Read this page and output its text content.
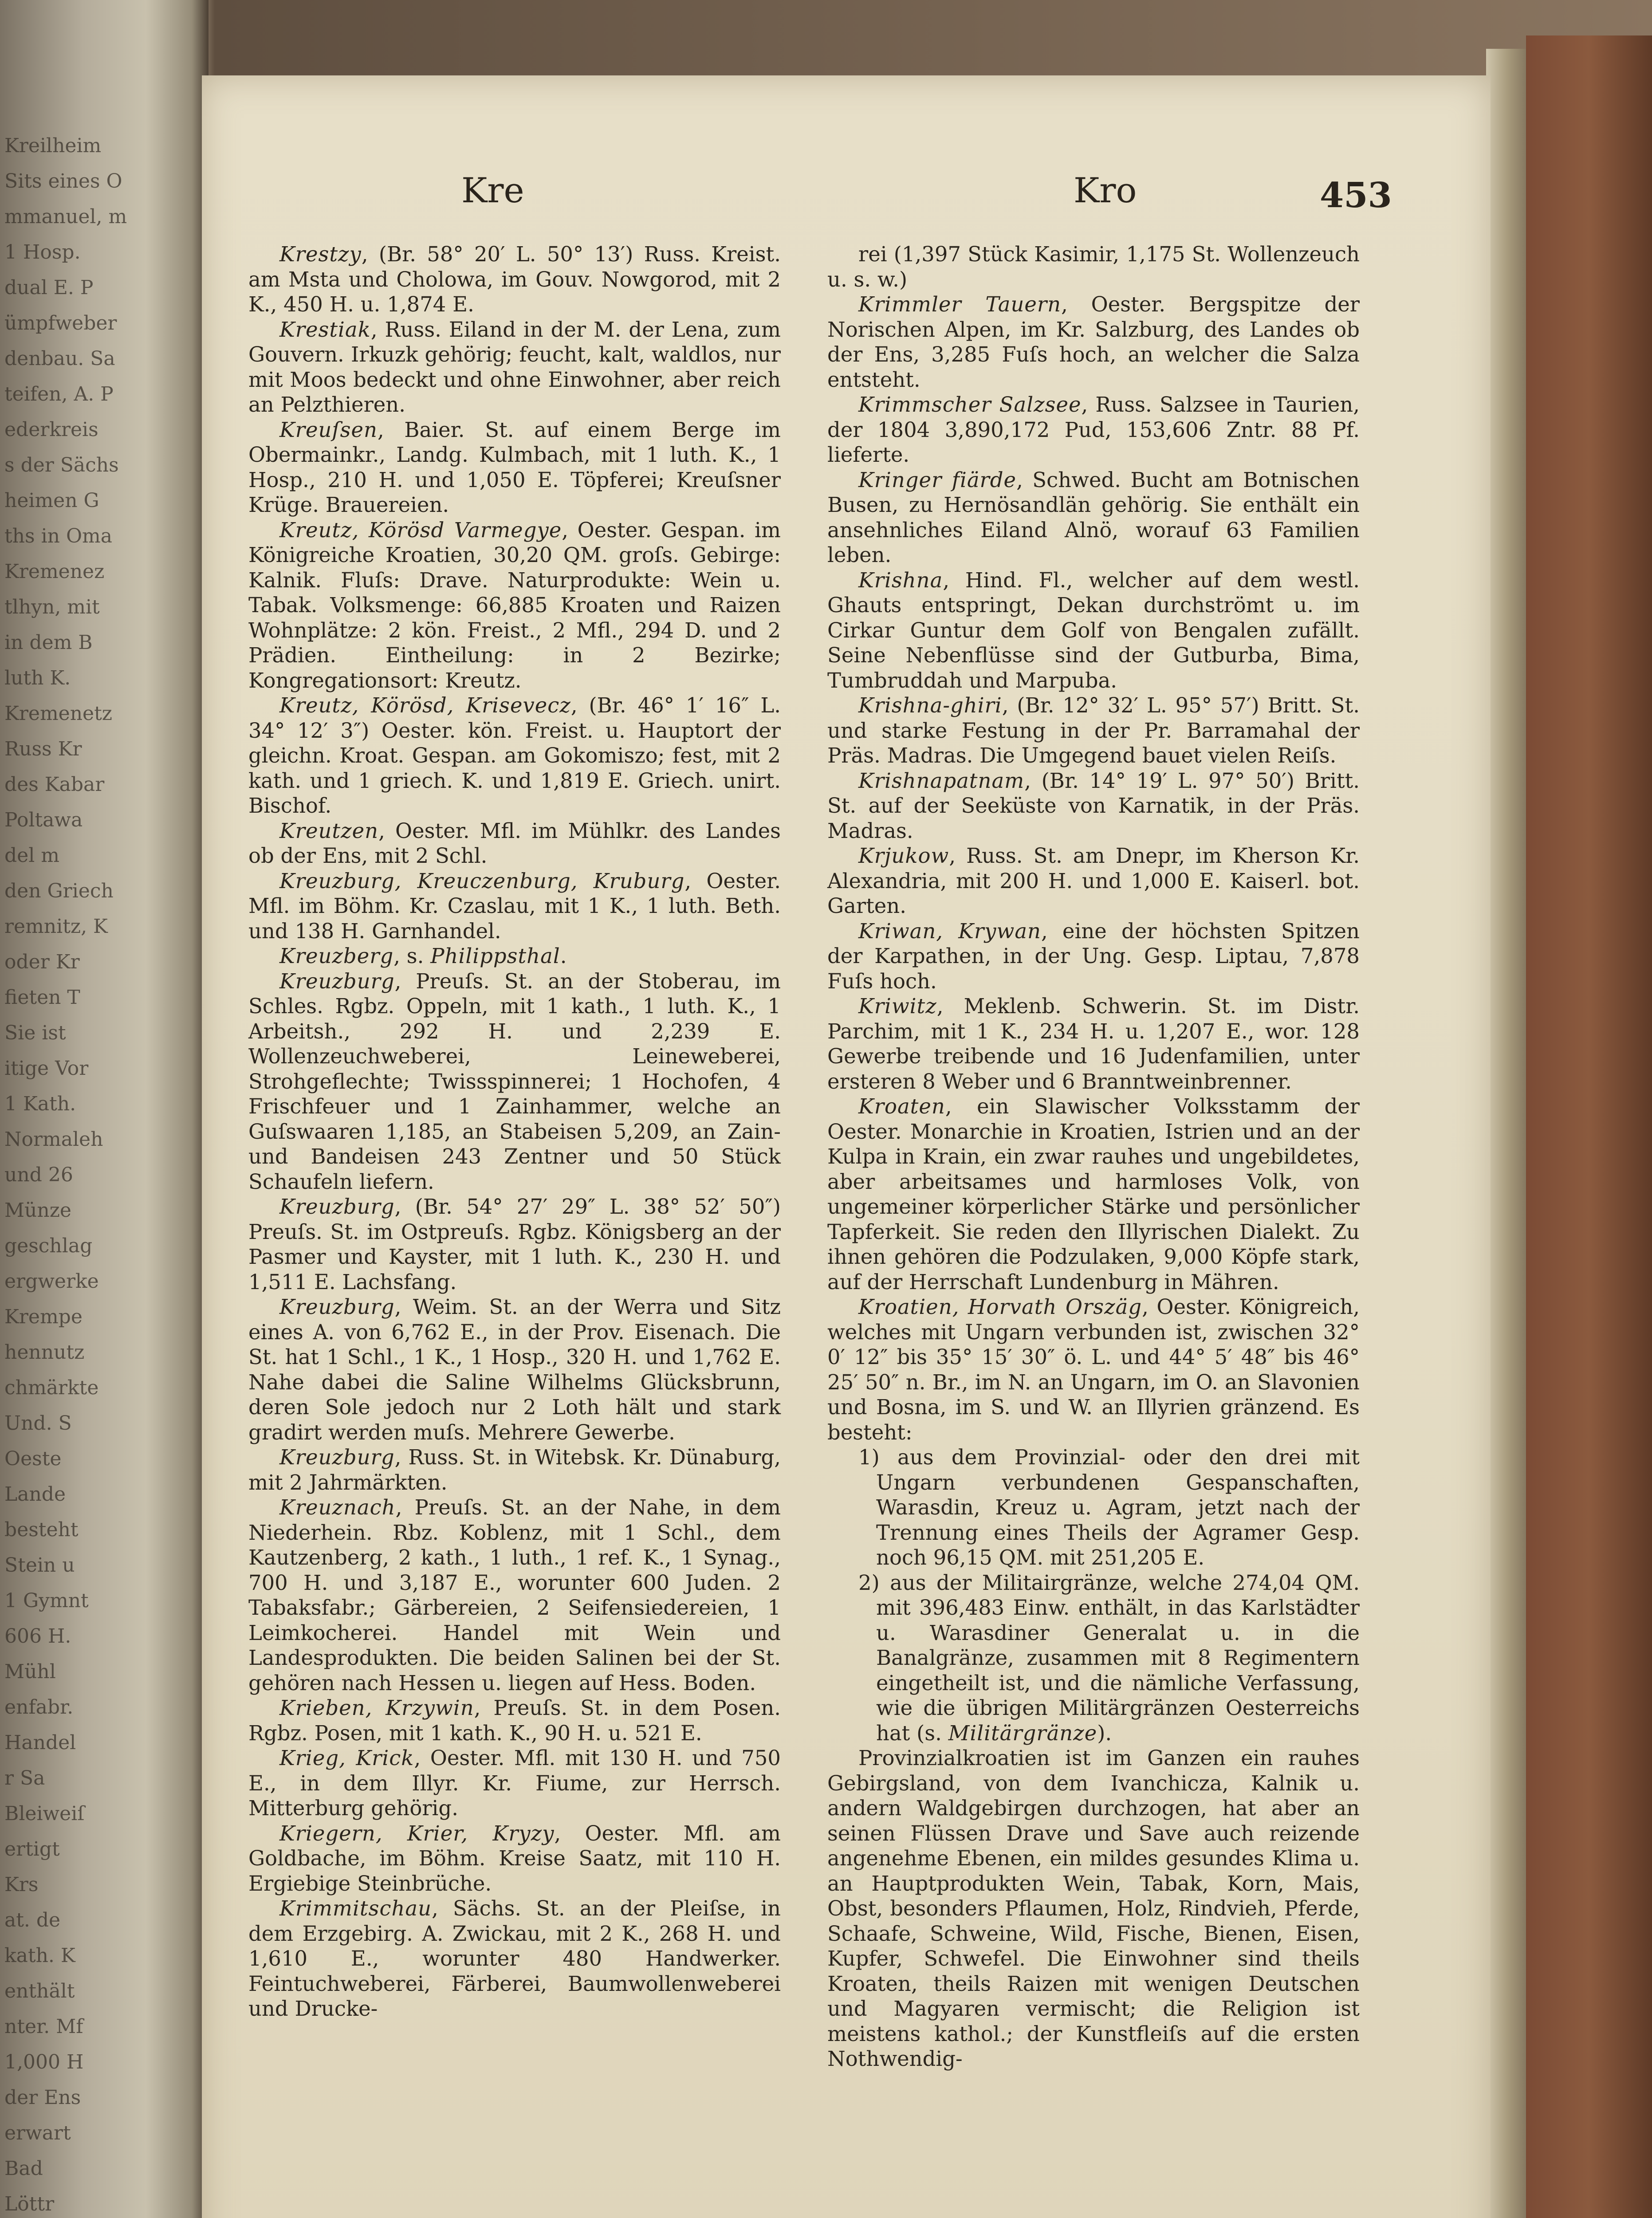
Kreilheim
Sits eines O
mmanuel, m
1 Hosp.
dual E. P
ümpfweber
denbau. Sa
teifen, A. P
ederkreis
s der Sächs
heimen G
ths in Oma
Kremenez
tlhyn, mit
in dem B
luth K.
Kremenetz
Russ Kr
des Kabar
Poltawa
del m
den Griech
remnitz, K
oder Kr
fieten T
Sie ist
itige Vor
1 Kath.
Normaleh
und 26
Münze
geschlag
ergwerke
Krempe
hennutz
chmärkte
Und. S
Oeste
Lande
besteht
Stein u
1 Gymnt
606 H.
Mühl
enfabr.
Handel
r Sa
Bleiweiſ
ertigt
Krs
at. de
kath. K
enthält
nter. Mf
1,000 H
der Ens
erwart
Bad
Löttr
Kre	Kro	453

Krestzy, (Br. 58° 20′ L. 50° 13′) Russ. Kreist. am Msta und Cholowa, im Gouv. Nowgorod, mit 2 K., 450 H. u. 1,874 E.

Krestiak, Russ. Eiland in der M. der Lena, zum Gouvern. Irkuzk gehörig; feucht, kalt, waldlos, nur mit Moos bedeckt und ohne Einwohner, aber reich an Pelzthieren.

Kreuſsen, Baier. St. auf einem Berge im Obermainkr., Landg. Kulmbach, mit 1 luth. K., 1 Hosp., 210 H. und 1,050 E. Töpferei; Kreuſsner Krüge. Brauereien.

Kreutz, Körösd Varmegye, Oester. Gespan. im Königreiche Kroatien, 30,20 QM. groſs. Gebirge: Kalnik. Fluſs: Drave. Naturprodukte: Wein u. Tabak. Volksmenge: 66,885 Kroaten und Raizen Wohnplätze: 2 kön. Freist., 2 Mfl., 294 D. und 2 Prädien. Eintheilung: in 2 Bezirke; Kongregationsort: Kreutz.

Kreutz, Körösd, Krisevecz, (Br. 46° 1′ 16″ L. 34° 12′ 3″) Oester. kön. Freist. u. Hauptort der gleichn. Kroat. Gespan. am Gokomiszo; fest, mit 2 kath. und 1 griech. K. und 1,819 E. Griech. unirt. Bischof.

Kreutzen, Oester. Mfl. im Mühlkr. des Landes ob der Ens, mit 2 Schl.

Kreuzburg, Kreuczenburg, Kruburg, Oester. Mfl. im Böhm. Kr. Czaslau, mit 1 K., 1 luth. Beth. und 138 H. Garnhandel.

Kreuzberg, s. Philippsthal.

Kreuzburg, Preuſs. St. an der Stoberau, im Schles. Rgbz. Oppeln, mit 1 kath., 1 luth. K., 1 Arbeitsh., 292 H. und 2,239 E. Wollenzeuchweberei, Leineweberei, Strohgeflechte; Twissspinnerei; 1 Hochofen, 4 Frischfeuer und 1 Zainhammer, welche an Guſswaaren 1,185, an Stabeisen 5,209, an Zain- und Bandeisen 243 Zentner und 50 Stück Schaufeln liefern.

Kreuzburg, (Br. 54° 27′ 29″ L. 38° 52′ 50″) Preuſs. St. im Ostpreuſs. Rgbz. Königsberg an der Pasmer und Kayster, mit 1 luth. K., 230 H. und 1,511 E. Lachsfang.

Kreuzburg, Weim. St. an der Werra und Sitz eines A. von 6,762 E., in der Prov. Eisenach. Die St. hat 1 Schl., 1 K., 1 Hosp., 320 H. und 1,762 E. Nahe dabei die Saline Wilhelms Glücksbrunn, deren Sole jedoch nur 2 Loth hält und stark gradirt werden muſs. Mehrere Gewerbe.

Kreuzburg, Russ. St. in Witebsk. Kr. Dünaburg, mit 2 Jahrmärkten.

Kreuznach, Preuſs. St. an der Nahe, in dem Niederhein. Rbz. Koblenz, mit 1 Schl., dem Kautzenberg, 2 kath., 1 luth., 1 ref. K., 1 Synag., 700 H. und 3,187 E., worunter 600 Juden. 2 Tabaksfabr.; Gärbereien, 2 Seifensiedereien, 1 Leimkocherei. Handel mit Wein und Landesprodukten. Die beiden Salinen bei der St. gehören nach Hessen u. liegen auf Hess. Boden.

Krieben, Krzywin, Preuſs. St. in dem Posen. Rgbz. Posen, mit 1 kath. K., 90 H. u. 521 E.

Krieg, Krick, Oester. Mfl. mit 130 H. und 750 E., in dem Illyr. Kr. Fiume, zur Herrsch. Mitterburg gehörig.

Kriegern, Krier, Kryzy, Oester. Mfl. am Goldbache, im Böhm. Kreise Saatz, mit 110 H. Ergiebige Steinbrüche.

Krimmitschau, Sächs. St. an der Pleiſse, in dem Erzgebirg. A. Zwickau, mit 2 K., 268 H. und 1,610 E., worunter 480 Handwerker. Feintuchweberei, Färberei, Baumwollenweberei und Drucke-

rei (1,397 Stück Kasimir, 1,175 St. Wollenzeuch u. s. w.)

Krimmler Tauern, Oester. Bergspitze der Norischen Alpen, im Kr. Salzburg, des Landes ob der Ens, 3,285 Fuſs hoch, an welcher die Salza entsteht.

Krimmscher Salzsee, Russ. Salzsee in Taurien, der 1804 3,890,172 Pud, 153,606 Zntr. 88 Pf. lieferte.

Kringer fiärde, Schwed. Bucht am Botnischen Busen, zu Hernösandlän gehörig. Sie enthält ein ansehnliches Eiland Alnö, worauf 63 Familien leben.

Krishna, Hind. Fl., welcher auf dem westl. Ghauts entspringt, Dekan durchströmt u. im Cirkar Guntur dem Golf von Bengalen zufällt. Seine Nebenflüsse sind der Gutburba, Bima, Tumbruddah und Marpuba.

Krishna-ghiri, (Br. 12° 32′ L. 95° 57′) Britt. St. und starke Festung in der Pr. Barramahal der Präs. Madras. Die Umgegend bauet vielen Reiſs.

Krishnapatnam, (Br. 14° 19′ L. 97° 50′) Britt. St. auf der Seeküste von Karnatik, in der Präs. Madras.

Krjukow, Russ. St. am Dnepr, im Kherson Kr. Alexandria, mit 200 H. und 1,000 E. Kaiserl. bot. Garten.

Kriwan, Krywan, eine der höchsten Spitzen der Karpathen, in der Ung. Gesp. Liptau, 7,878 Fuſs hoch.

Kriwitz, Meklenb. Schwerin. St. im Distr. Parchim, mit 1 K., 234 H. u. 1,207 E., wor. 128 Gewerbe treibende und 16 Judenfamilien, unter ersteren 8 Weber und 6 Branntweinbrenner.

Kroaten, ein Slawischer Volksstamm der Oester. Monarchie in Kroatien, Istrien und an der Kulpa in Krain, ein zwar rauhes und ungebildetes, aber arbeitsames und harmloses Volk, von ungemeiner körperlicher Stärke und persönlicher Tapferkeit. Sie reden den Illyrischen Dialekt. Zu ihnen gehören die Podzulaken, 9,000 Köpfe stark, auf der Herrschaft Lundenburg in Mähren.

Kroatien, Horvath Orszäg, Oester. Königreich, welches mit Ungarn verbunden ist, zwischen 32° 0′ 12″ bis 35° 15′ 30″ ö. L. und 44° 5′ 48″ bis 46° 25′ 50″ n. Br., im N. an Ungarn, im O. an Slavonien und Bosna, im S. und W. an Illyrien gränzend. Es besteht:

1) aus dem Provinzial- oder den drei mit Ungarn verbundenen Gespanschaften, Warasdin, Kreuz u. Agram, jetzt nach der Trennung eines Theils der Agramer Gesp. noch 96,15 QM. mit 251,205 E.

2) aus der Militairgränze, welche 274,04 QM. mit 396,483 Einw. enthält, in das Karlstädter u. Warasdiner Generalat u. in die Banalgränze, zusammen mit 8 Regimentern eingetheilt ist, und die nämliche Verfassung, wie die übrigen Militärgränzen Oesterreichs hat (s. Militärgränze).

Provinzialkroatien ist im Ganzen ein rauhes Gebirgsland, von dem Ivanchicza, Kalnik u. andern Waldgebirgen durchzogen, hat aber an seinen Flüssen Drave und Save auch reizende angenehme Ebenen, ein mildes gesundes Klima u. an Hauptprodukten Wein, Tabak, Korn, Mais, Obst, besonders Pflaumen, Holz, Rindvieh, Pferde, Schaafe, Schweine, Wild, Fische, Bienen, Eisen, Kupfer, Schwefel. Die Einwohner sind theils Kroaten, theils Raizen mit wenigen Deutschen und Magyaren vermischt; die Religion ist meistens kathol.; der Kunstfleiſs auf die ersten Nothwendig-
